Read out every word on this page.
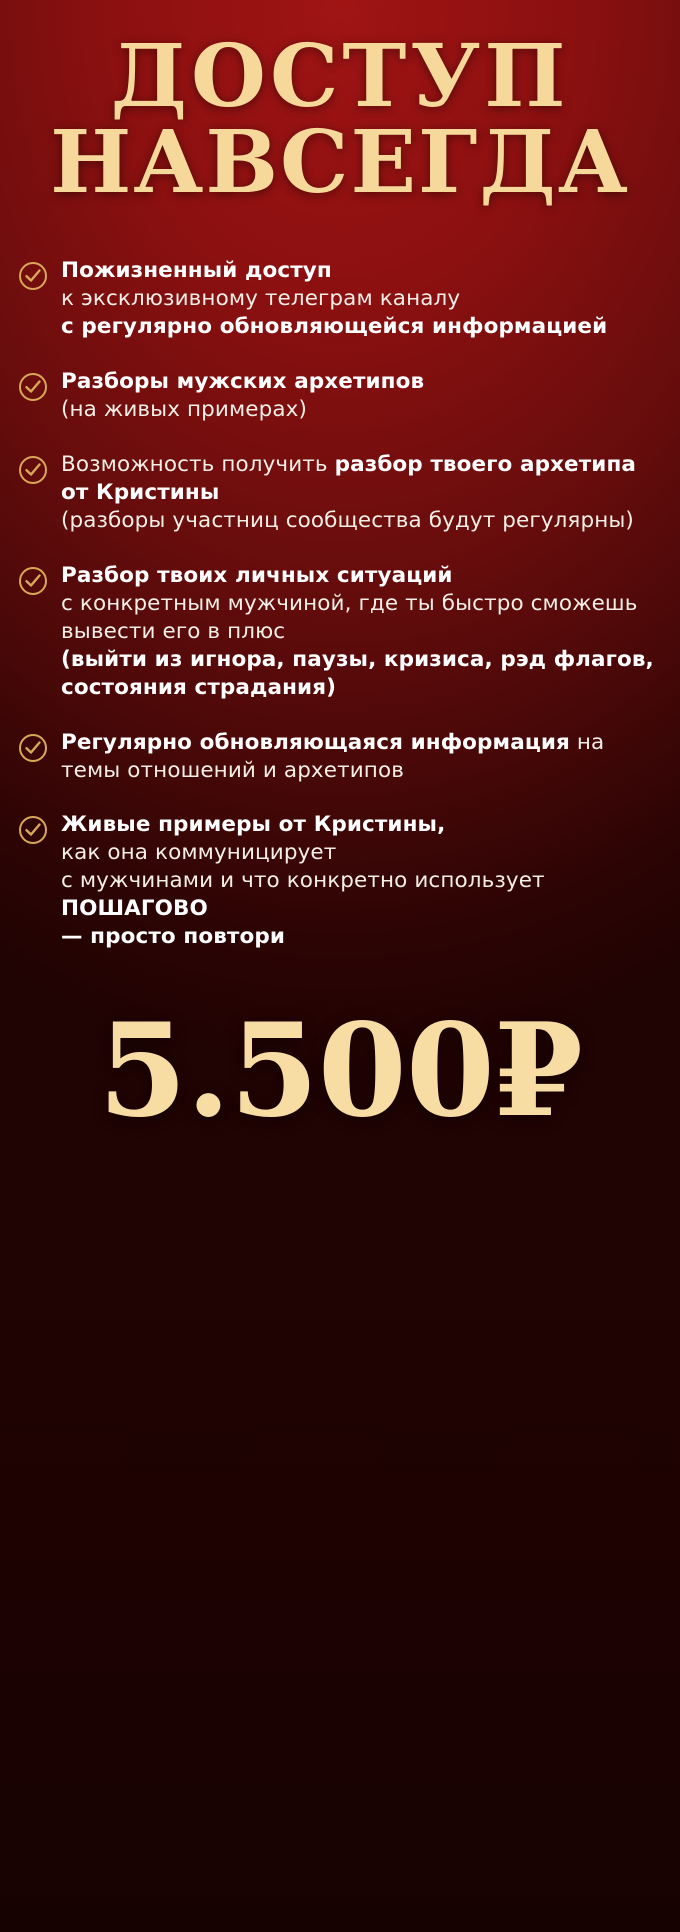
ДОСТУП
НАВСЕГДА
Пожизненный доступ
к эксклюзивному телеграм каналу
с регулярно обновляющейся информацией
Разборы мужских архетипов
(на живых примерах)
Возможность получить разбор твоего архетипа от Кристины
(разборы участниц сообщества будут регулярны)
Разбор твоих личных ситуаций
с конкретным мужчиной, где ты быстро сможешь вывести его в плюс
(выйти из игнора, паузы, кризиса, рэд флагов, состояния страдания)
Регулярно обновляющаяся информация на темы отношений и архетипов
Живые примеры от Кристины,
как она коммуницирует
с мужчинами и что конкретно использует ПОШАГОВО
— просто повтори
5.500₽
